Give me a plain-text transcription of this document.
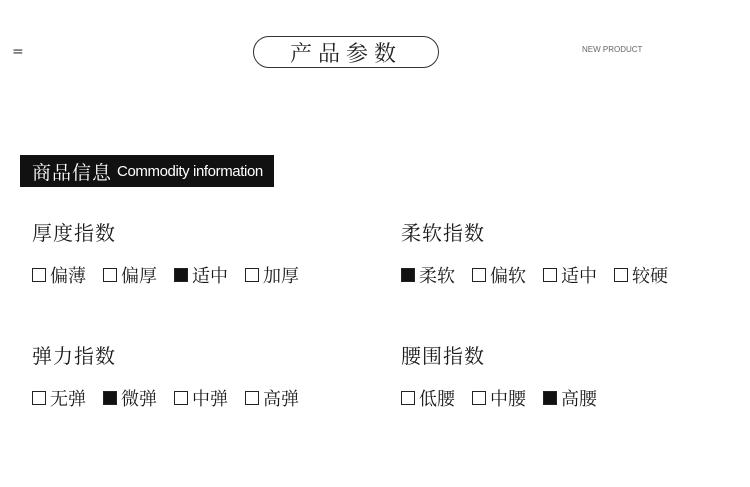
=	产品参数	NEW PRODUCT
商品信息 Commodity information
厚度指数
偏薄 偏厚 适中 加厚
柔软指数
柔软 偏软 适中 较硬
弹力指数
无弹 微弹 中弹 高弹
腰围指数
低腰 中腰 高腰
